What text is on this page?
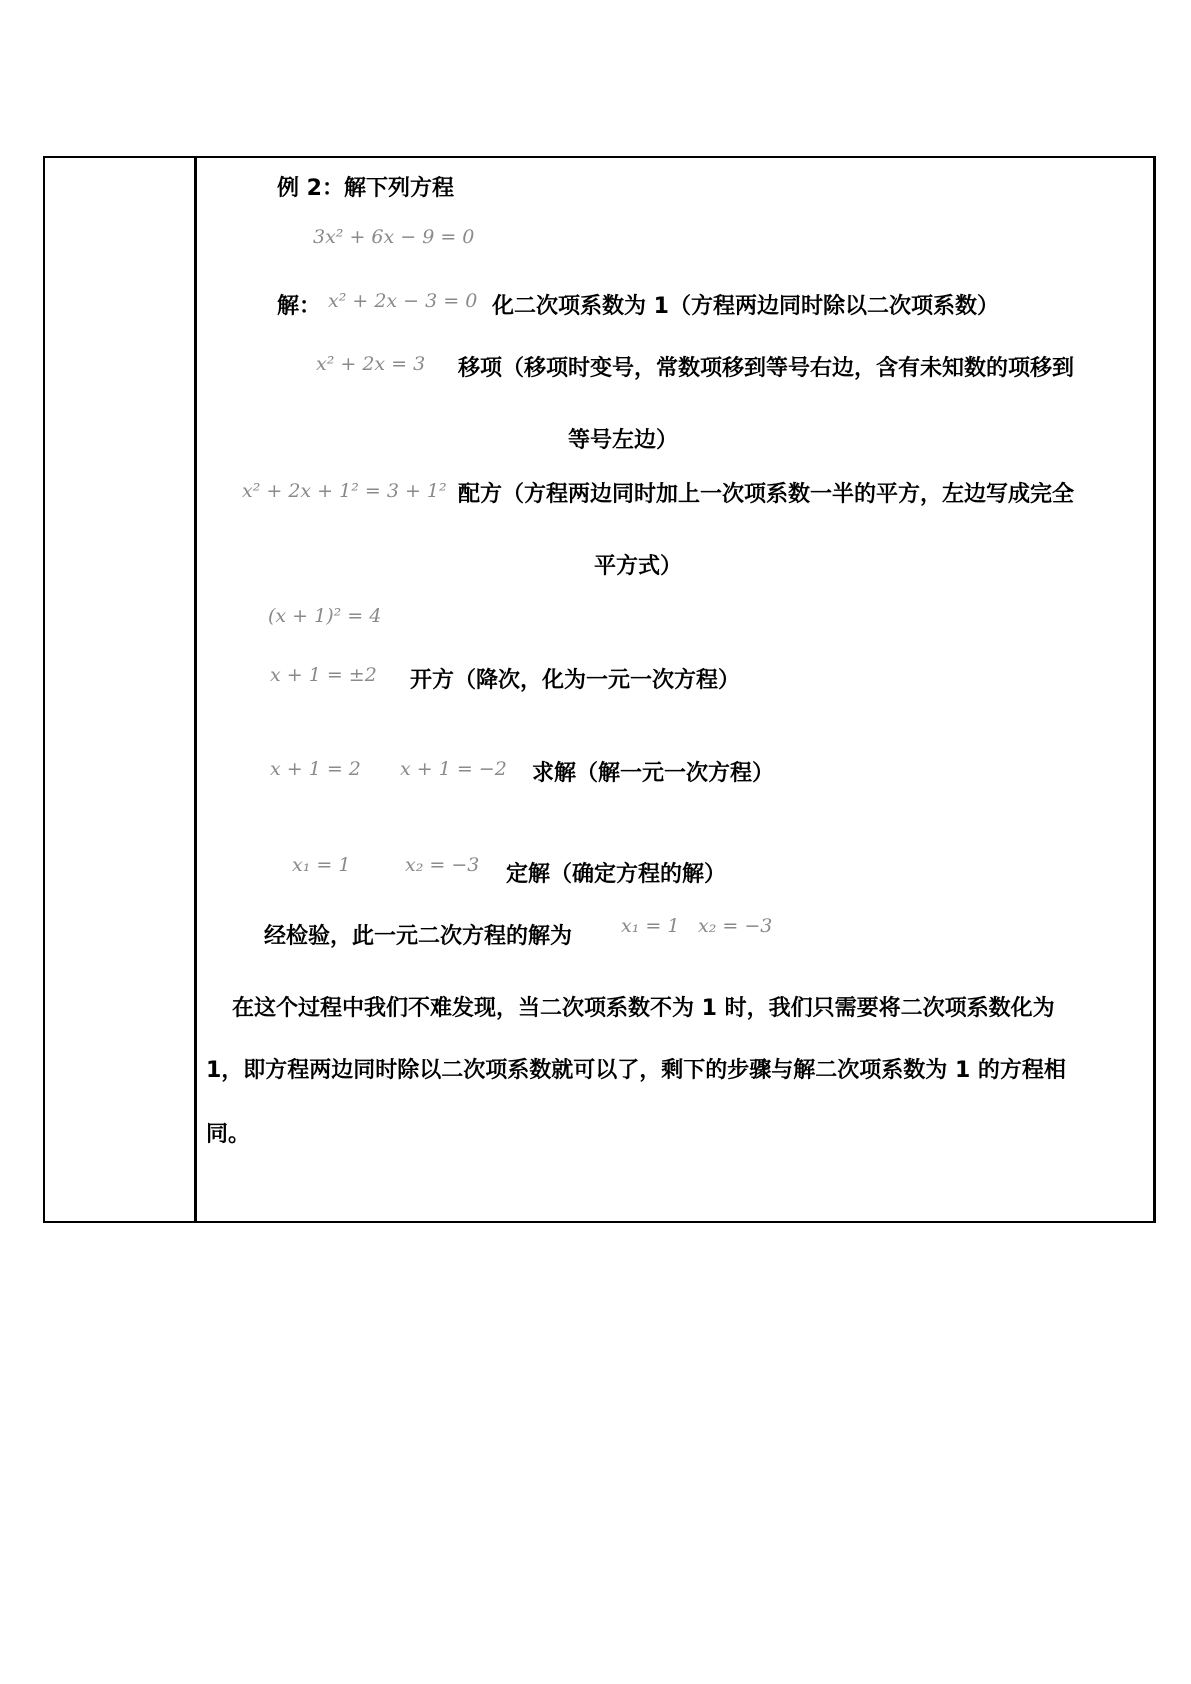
例 2：解下列方程
3x² + 6x − 9 = 0
解： x² + 2x − 3 = 0 化二次项系数为 1（方程两边同时除以二次项系数）
x² + 2x = 3 移项（移项时变号，常数项移到等号右边，含有未知数的项移到
等号左边）
x² + 2x + 1² = 3 + 1² 配方（方程两边同时加上一次项系数一半的平方，左边写成完全
平方式）
(x + 1)² = 4
x + 1 = ±2 开方（降次，化为一元一次方程）
x + 1 = 2 x + 1 = −2 求解（解一元一次方程）
x₁ = 1	x₂ = −3 定解（确定方程的解）
经检验，此一元二次方程的解为	x₁ = 1 x₂ = −3
在这个过程中我们不难发现，当二次项系数不为 1 时，我们只需要将二次项系数化为
1，即方程两边同时除以二次项系数就可以了，剩下的步骤与解二次项系数为 1 的方程相
同。
